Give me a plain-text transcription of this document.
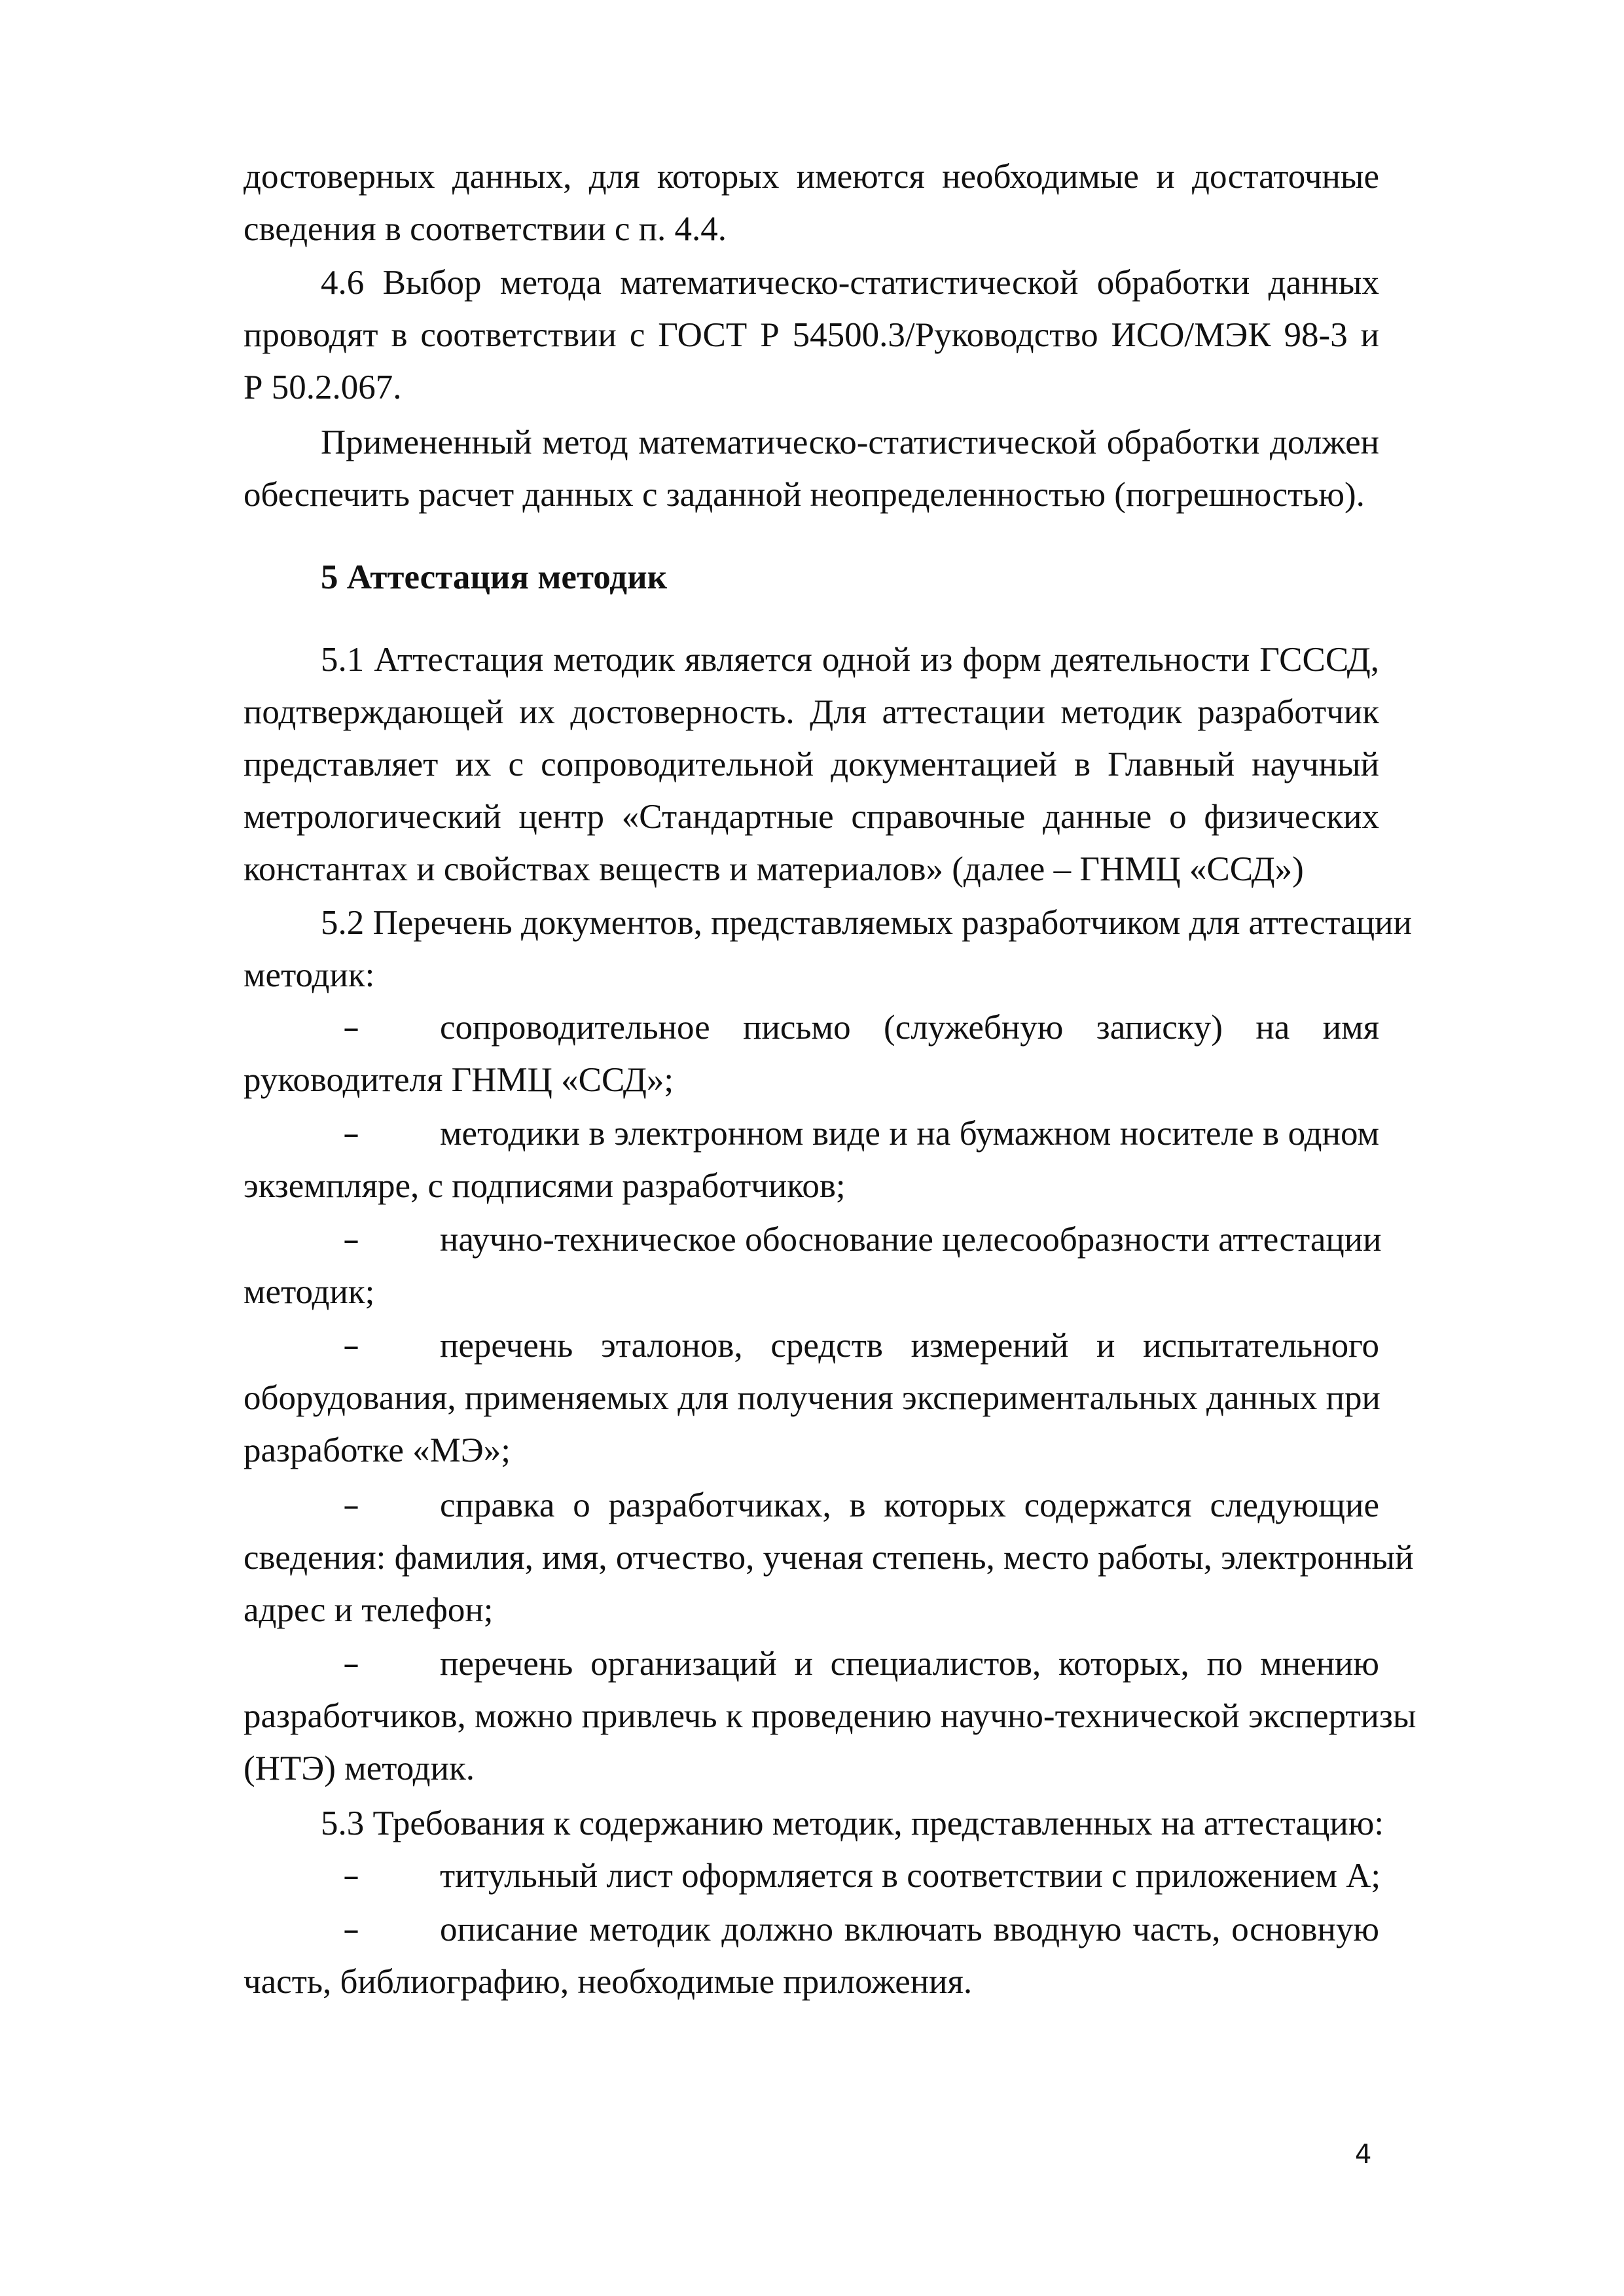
достоверных данных, для которых имеются необходимые и достаточные
сведения в соответствии с п. 4.4.
4.6 Выбор метода математическо-статистической обработки данных
проводят в соответствии с ГОСТ Р 54500.3/Руководство ИСО/МЭК 98-3 и
Р 50.2.067.
Примененный метод математическо-статистической обработки должен
обеспечить расчет данных с заданной неопределенностью (погрешностью).
5 Аттестация методик
5.1 Аттестация методик является одной из форм деятельности ГСССД,
подтверждающей их достоверность. Для аттестации методик разработчик
представляет их с сопроводительной документацией в Главный научный
метрологический центр «Стандартные справочные данные о физических
константах и свойствах веществ и материалов» (далее – ГНМЦ «ССД»)
5.2 Перечень документов, представляемых разработчиком для аттестации
методик:
–	сопроводительное письмо (служебную записку) на имя
руководителя ГНМЦ «ССД»;
–	методики в электронном виде и на бумажном носителе в одном
экземпляре, с подписями разработчиков;
–	научно-техническое обоснование целесообразности аттестации
методик;
–	перечень эталонов, средств измерений и испытательного
оборудования, применяемых для получения экспериментальных данных при
разработке «МЭ»;
–	справка о разработчиках, в которых содержатся следующие
сведения: фамилия, имя, отчество, ученая степень, место работы, электронный
адрес и телефон;
–	перечень организаций и специалистов, которых, по мнению
разработчиков, можно привлечь к проведению научно-технической экспертизы
(НТЭ) методик.
5.3 Требования к содержанию методик, представленных на аттестацию:
–	титульный лист оформляется в соответствии с приложением А;
–	описание методик должно включать вводную часть, основную
часть, библиографию, необходимые приложения.
4
